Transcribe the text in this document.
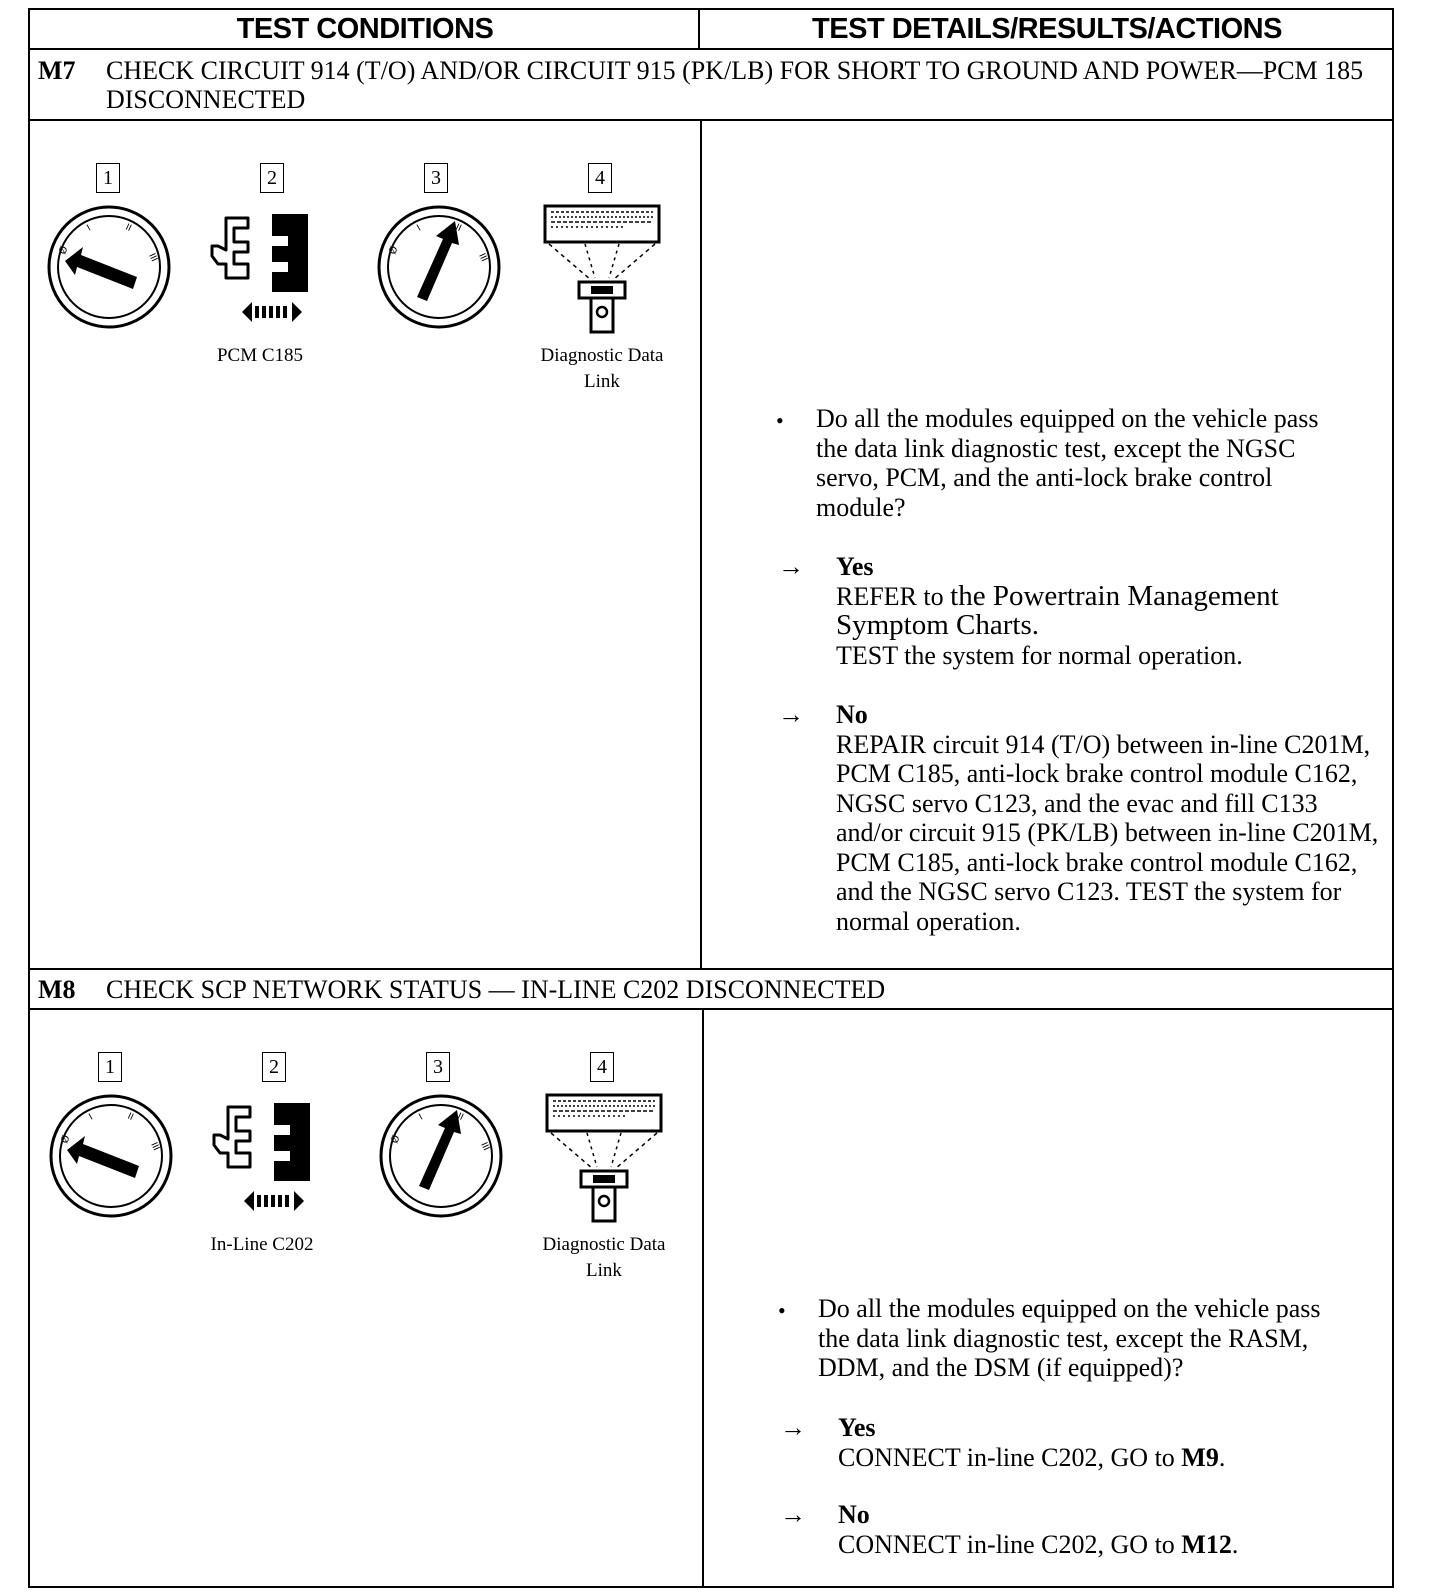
TEST CONDITIONS	TEST DETAILS/RESULTS/ACTIONS
M7 CHECK CIRCUIT 914 (T/O) AND/OR CIRCUIT 915 (PK/LB) FOR SHORT TO GROUND AND POWER—PCM 185 DISCONNECTED
1	2	3	4
PCM C185	Diagnostic Data
Link
• Do all the modules equipped on the vehicle pass the data link diagnostic test, except the NGSC servo, PCM, and the anti-lock brake control module?
→ Yes
REFER to the Powertrain Management Symptom Charts.
TEST the system for normal operation.
→ No
REPAIR circuit 914 (T/O) between in-line C201M, PCM C185, anti-lock brake control module C162, NGSC servo C123, and the evac and fill C133 and/or circuit 915 (PK/LB) between in-line C201M, PCM C185, anti-lock brake control module C162, and the NGSC servo C123. TEST the system for normal operation.
M8 CHECK SCP NETWORK STATUS — IN-LINE C202 DISCONNECTED
1	2	3	4
In-Line C202	Diagnostic Data
Link
• Do all the modules equipped on the vehicle pass the data link diagnostic test, except the RASM, DDM, and the DSM (if equipped)?
→ Yes
CONNECT in-line C202, GO to M9.
→ No
CONNECT in-line C202, GO to M12.
